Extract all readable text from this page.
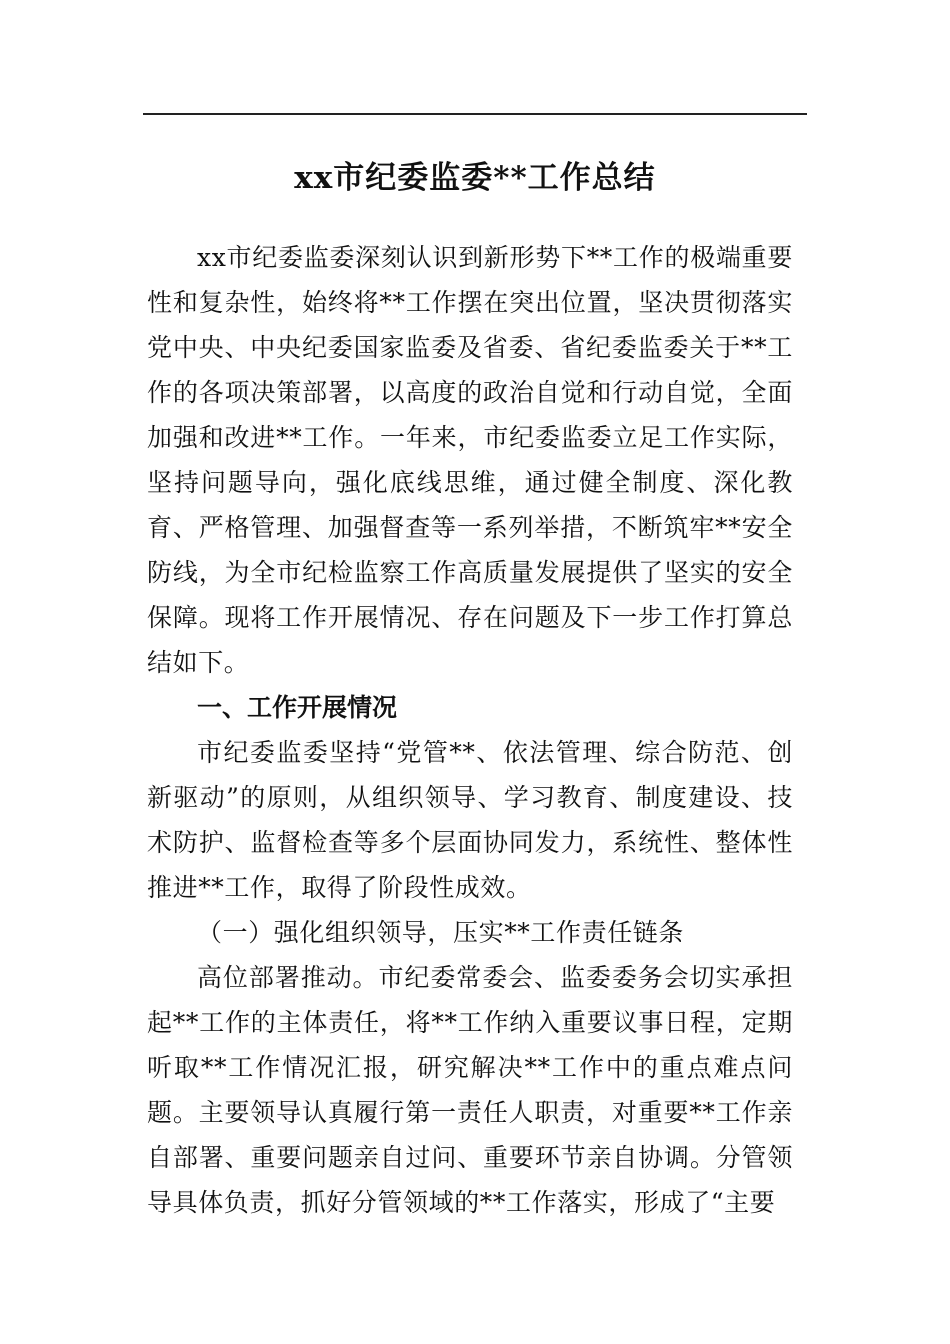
xx市纪委监委**工作总结

xx市纪委监委深刻认识到新形势下**工作的极端重要性和复杂性，始终将**工作摆在突出位置，坚决贯彻落实党中央、中央纪委国家监委及省委、省纪委监委关于**工作的各项决策部署，以高度的政治自觉和行动自觉，全面加强和改进**工作。一年来，市纪委监委立足工作实际，坚持问题导向，强化底线思维，通过健全制度、深化教育、严格管理、加强督查等一系列举措，不断筑牢**安全防线，为全市纪检监察工作高质量发展提供了坚实的安全保障。现将工作开展情况、存在问题及下一步工作打算总结如下。

一、工作开展情况

市纪委监委坚持“党管**、依法管理、综合防范、创新驱动”的原则，从组织领导、学习教育、制度建设、技术防护、监督检查等多个层面协同发力，系统性、整体性推进**工作，取得了阶段性成效。

（一）强化组织领导，压实**工作责任链条

高位部署推动。市纪委常委会、监委委务会切实承担起**工作的主体责任，将**工作纳入重要议事日程，定期听取**工作情况汇报，研究解决**工作中的重点难点问题。主要领导认真履行第一责任人职责，对重要**工作亲自部署、重要问题亲自过问、重要环节亲自协调。分管领导具体负责，抓好分管领域的**工作落实，形成了“主要
